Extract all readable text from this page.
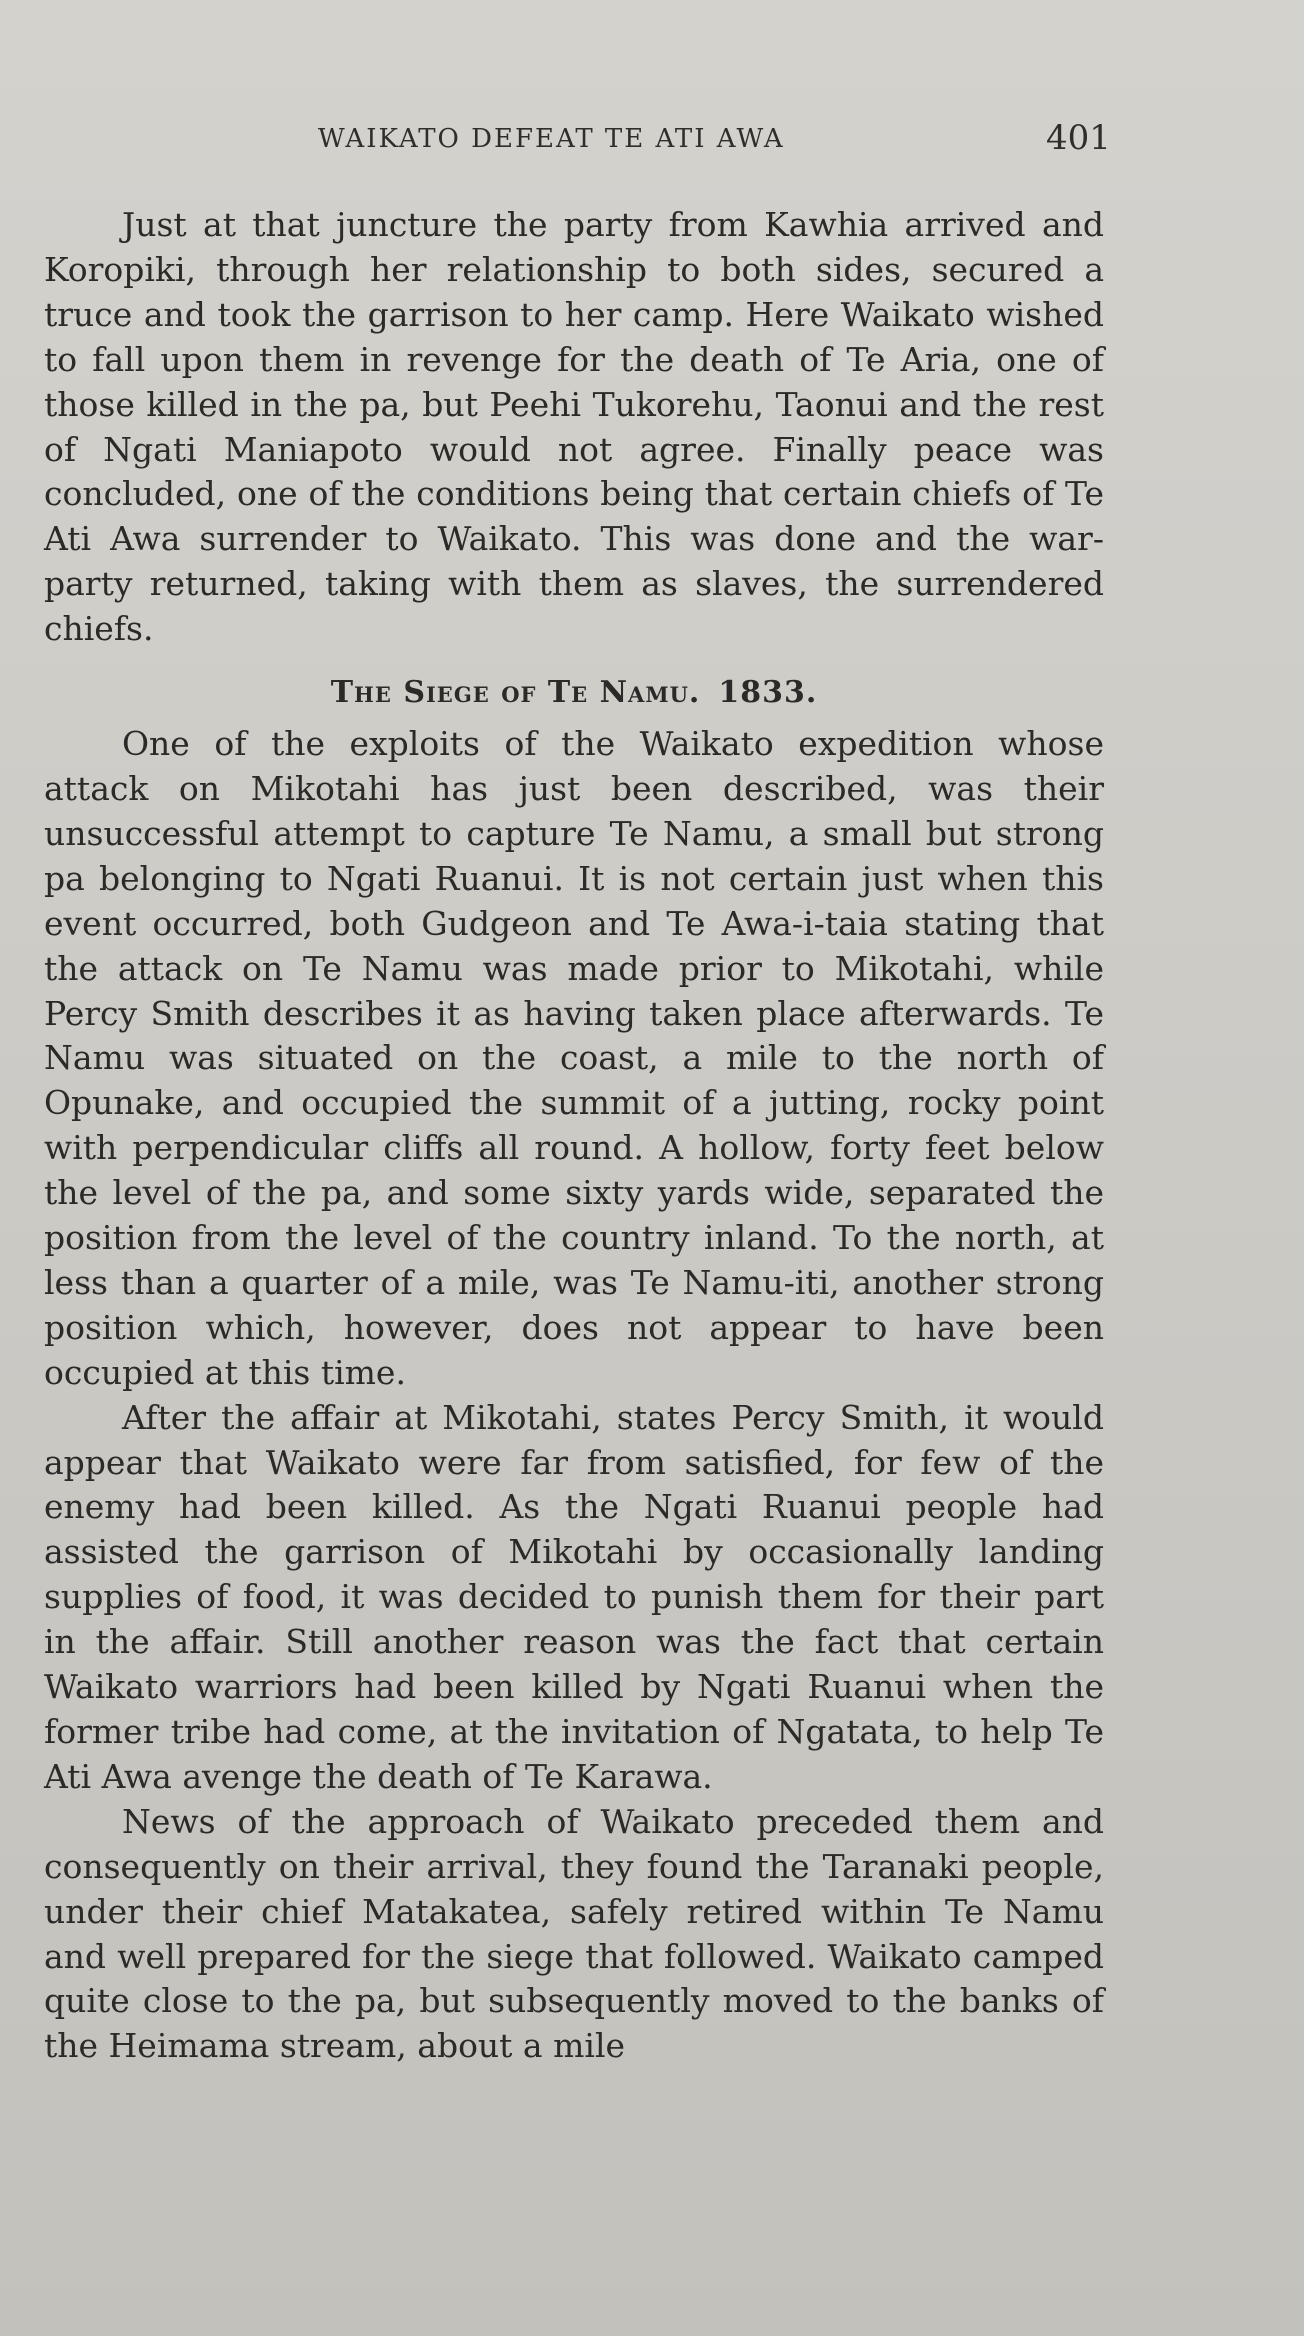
WAIKATO DEFEAT TE ATI AWA	401

Just at that juncture the party from Kawhia arrived and Koropiki, through her relationship to both sides, secured a truce and took the garrison to her camp. Here Waikato wished to fall upon them in revenge for the death of Te Aria, one of those killed in the pa, but Peehi Tukorehu, Taonui and the rest of Ngati Maniapoto would not agree. Finally peace was concluded, one of the conditions being that certain chiefs of Te Ati Awa surrender to Waikato. This was done and the war-party returned, taking with them as slaves, the surrendered chiefs.

The Siege of Te Namu. 1833.

One of the exploits of the Waikato expedition whose attack on Mikotahi has just been described, was their unsuccessful attempt to capture Te Namu, a small but strong pa belonging to Ngati Ruanui. It is not certain just when this event occurred, both Gudgeon and Te Awa-i-taia stating that the attack on Te Namu was made prior to Mikotahi, while Percy Smith describes it as having taken place afterwards. Te Namu was situated on the coast, a mile to the north of Opunake, and occupied the summit of a jutting, rocky point with perpendicular cliffs all round. A hollow, forty feet below the level of the pa, and some sixty yards wide, separated the position from the level of the country inland. To the north, at less than a quarter of a mile, was Te Namu-iti, another strong position which, however, does not appear to have been occupied at this time.

After the affair at Mikotahi, states Percy Smith, it would appear that Waikato were far from satisfied, for few of the enemy had been killed. As the Ngati Ruanui people had assisted the garrison of Mikotahi by occasionally landing supplies of food, it was decided to punish them for their part in the affair. Still another reason was the fact that certain Waikato warriors had been killed by Ngati Ruanui when the former tribe had come, at the invitation of Ngatata, to help Te Ati Awa avenge the death of Te Karawa.

News of the approach of Waikato preceded them and consequently on their arrival, they found the Taranaki people, under their chief Matakatea, safely retired within Te Namu and well prepared for the siege that followed. Waikato camped quite close to the pa, but subsequently moved to the banks of the Heimama stream, about a mile
